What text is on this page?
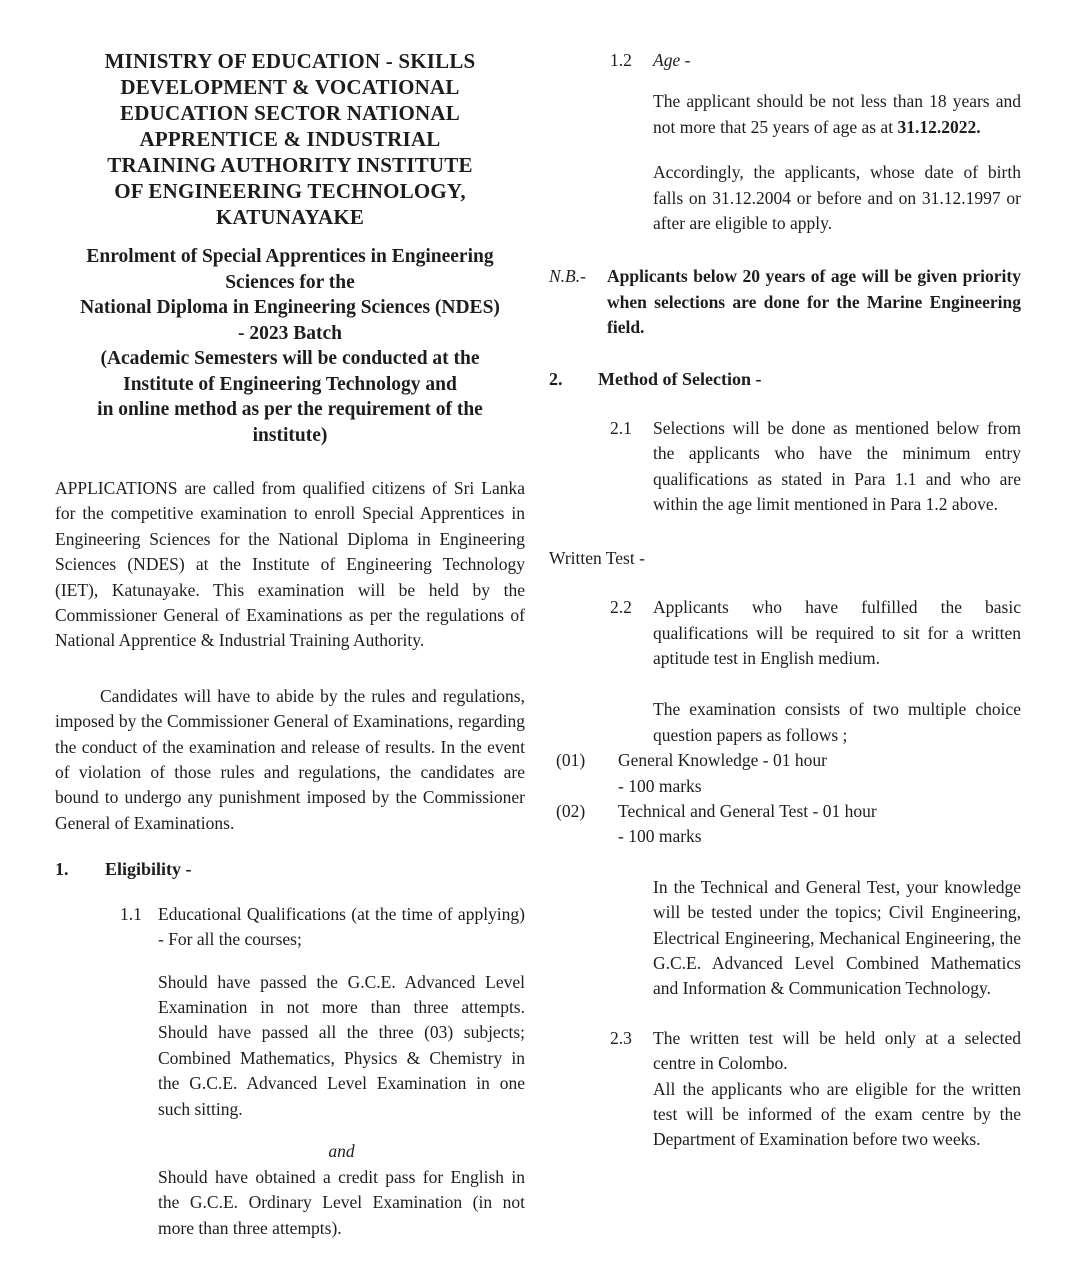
MINISTRY OF EDUCATION - SKILLS
DEVELOPMENT & VOCATIONAL
EDUCATION SECTOR NATIONAL
APPRENTICE & INDUSTRIAL
TRAINING AUTHORITY INSTITUTE
OF ENGINEERING TECHNOLOGY,
KATUNAYAKE
Enrolment of Special Apprentices in Engineering
Sciences for the
National Diploma in Engineering Sciences (NDES)
- 2023 Batch
(Academic Semesters will be conducted at the
Institute of Engineering Technology and
in online method as per the requirement of the
institute)

APPLICATIONS are called from qualified citizens of Sri Lanka for the competitive examination to enroll Special Apprentices in Engineering Sciences for the National Diploma in Engineering Sciences (NDES) at the Institute of Engineering Technology (IET), Katunayake. This examination will be held by the Commissioner General of Examinations as per the regulations of National Apprentice & Industrial Training Authority.

Candidates will have to abide by the rules and regulations, imposed by the Commissioner General of Examinations, regarding the conduct of the examination and release of results. In the event of violation of those rules and regulations, the candidates are bound to undergo any punishment imposed by the Commissioner General of Examinations.

1.	Eligibility -
1.1 Educational Qualifications (at the time of applying) - For all the courses;

Should have passed the G.C.E. Advanced Level Examination in not more than three attempts. Should have passed all the three (03) subjects; Combined Mathematics, Physics & Chemistry in the G.C.E. Advanced Level Examination in one such sitting.

and

Should have obtained a credit pass for English in the G.C.E. Ordinary Level Examination (in not more than three attempts).

1.2	Age -

The applicant should be not less than 18 years and not more that 25 years of age as at 31.12.2022.

Accordingly, the applicants, whose date of birth falls on 31.12.2004 or before and on 31.12.1997 or after are eligible to apply.

N.B.-	Applicants below 20 years of age will be given priority when selections are done for the Marine Engineering field.
2.	Method of Selection -
2.1	Selections will be done as mentioned below from the applicants who have the minimum entry qualifications as stated in Para 1.1 and who are within the age limit mentioned in Para 1.2 above.
Written Test -
2.2	Applicants who have fulfilled the basic qualifications will be required to sit for a written aptitude test in English medium.

The examination consists of two multiple choice question papers as follows ;

(01)	General Knowledge - 01 hour
- 100 marks
(02)	Technical and General Test - 01 hour
- 100 marks

In the Technical and General Test, your knowledge will be tested under the topics; Civil Engineering, Electrical Engineering, Mechanical Engineering, the G.C.E. Advanced Level Combined Mathematics and Information & Communication Technology.

2.3	The written test will be held only at a selected centre in Colombo.
All the applicants who are eligible for the written test will be informed of the exam centre by the Department of Examination before two weeks.
